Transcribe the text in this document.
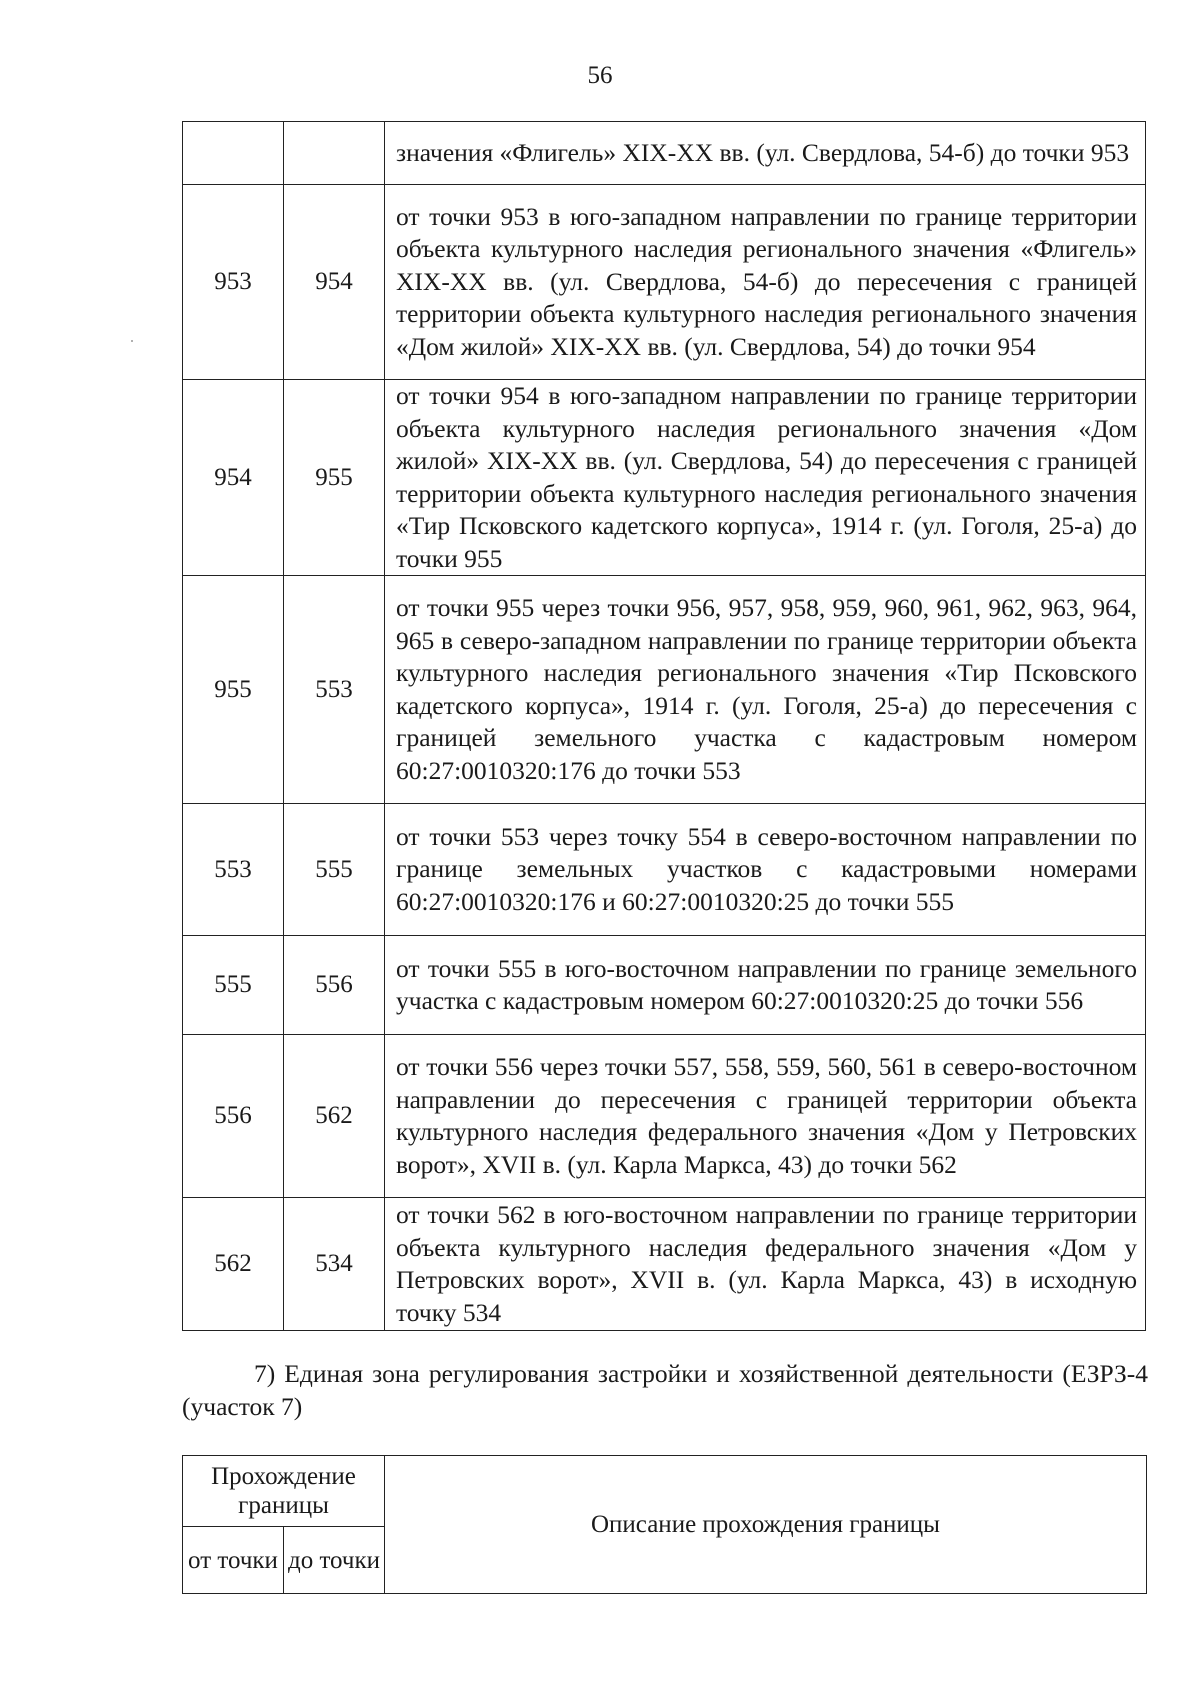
56
		значения «Флигель» XIX-XX вв. (ул. Свердлова, 54-б) до точки 953
953	954	от точки 953 в юго-западном направлении по границе территории объекта культурного наследия регионального значения «Флигель» XIX-XX вв. (ул. Свердлова, 54-б) до пересечения с границей территории объекта культурного наследия регионального значения «Дом жилой» XIX-XX вв. (ул. Свердлова, 54) до точки 954
954	955	от точки 954 в юго-западном направлении по границе территории объекта культурного наследия регионального значения «Дом жилой» XIX-XX вв. (ул. Свердлова, 54) до пересечения с границей территории объекта культурного наследия регионального значения «Тир Псковского кадетского корпуса», 1914 г. (ул. Гоголя, 25-а) до точки 955
955	553	от точки 955 через точки 956, 957, 958, 959, 960, 961, 962, 963, 964, 965 в северо-западном направлении по границе территории объекта культурного наследия регионального значения «Тир Псковского кадетского корпуса», 1914 г. (ул. Гоголя, 25-а) до пересечения с границей земельного участка с кадастровым номером 60:27:0010320:176 до точки 553
553	555	от точки 553 через точку 554 в северо-восточном направлении по границе земельных участков с кадастровыми номерами 60:27:0010320:176 и 60:27:0010320:25 до точки 555
555	556	от точки 555 в юго-восточном направлении по границе земельного участка с кадастровым номером 60:27:0010320:25 до точки 556
556	562	от точки 556 через точки 557, 558, 559, 560, 561 в северо-восточном направлении до пересечения с границей территории объекта культурного наследия федерального значения «Дом у Петровских ворот», XVII в. (ул. Карла Маркса, 43) до точки 562
562	534	от точки 562 в юго-восточном направлении по границе территории объекта культурного наследия федерального значения «Дом у Петровских ворот», XVII в. (ул. Карла Маркса, 43) в исходную точку 534
7) Единая зона регулирования застройки и хозяйственной деятельности (ЕЗРЗ-4 (участок 7)
Прохождение границы		Описание прохождения границы
от точки	до точки	
